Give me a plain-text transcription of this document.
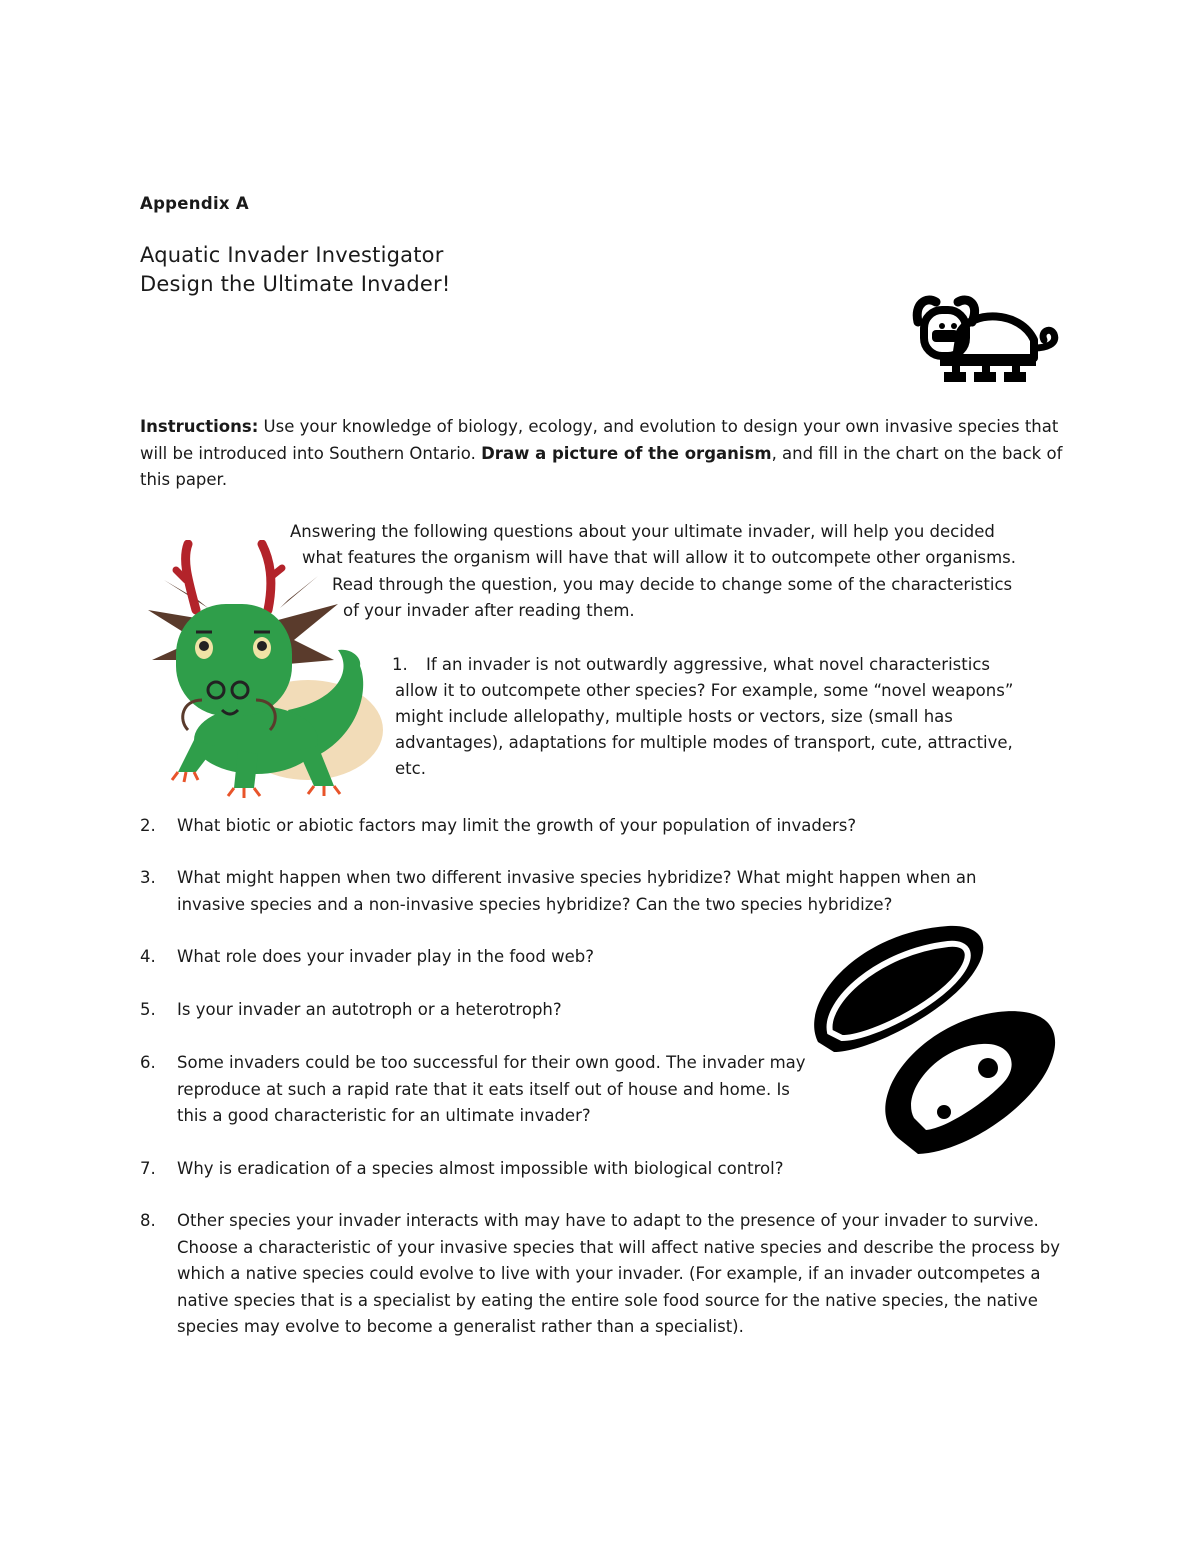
Appendix A
Aquatic Invader Investigator
Design the Ultimate Invader!
Instructions: Use your knowledge of biology, ecology, and evolution to design your own invasive species that will be introduced into Southern Ontario. Draw a picture of the organism, and fill in the chart on the back of this paper.
Answering the following questions about your ultimate invader, will help you decided
what features the organism will have that will allow it to outcompete other organisms.
Read through the question, you may decide to change some of the characteristics
of your invader after reading them.
1. If an invader is not outwardly aggressive, what novel characteristics
allow it to outcompete other species? For example, some “novel weapons”
might include allelopathy, multiple hosts or vectors, size (small has
advantages), adaptations for multiple modes of transport, cute, attractive,
etc.
2.	What biotic or abiotic factors may limit the growth of your population of invaders?
3.	What might happen when two different invasive species hybridize? What might happen when an invasive species and a non-invasive species hybridize? Can the two species hybridize?
4.	What role does your invader play in the food web?
5.	Is your invader an autotroph or a heterotroph?
6.	Some invaders could be too successful for their own good. The invader may reproduce at such a rapid rate that it eats itself out of house and home. Is this a good characteristic for an ultimate invader?
7.	Why is eradication of a species almost impossible with biological control?
8.	Other species your invader interacts with may have to adapt to the presence of your invader to survive. Choose a characteristic of your invasive species that will affect native species and describe the process by which a native species could evolve to live with your invader. (For example, if an invader outcompetes a native species that is a specialist by eating the entire sole food source for the native species, the native species may evolve to become a generalist rather than a specialist).
